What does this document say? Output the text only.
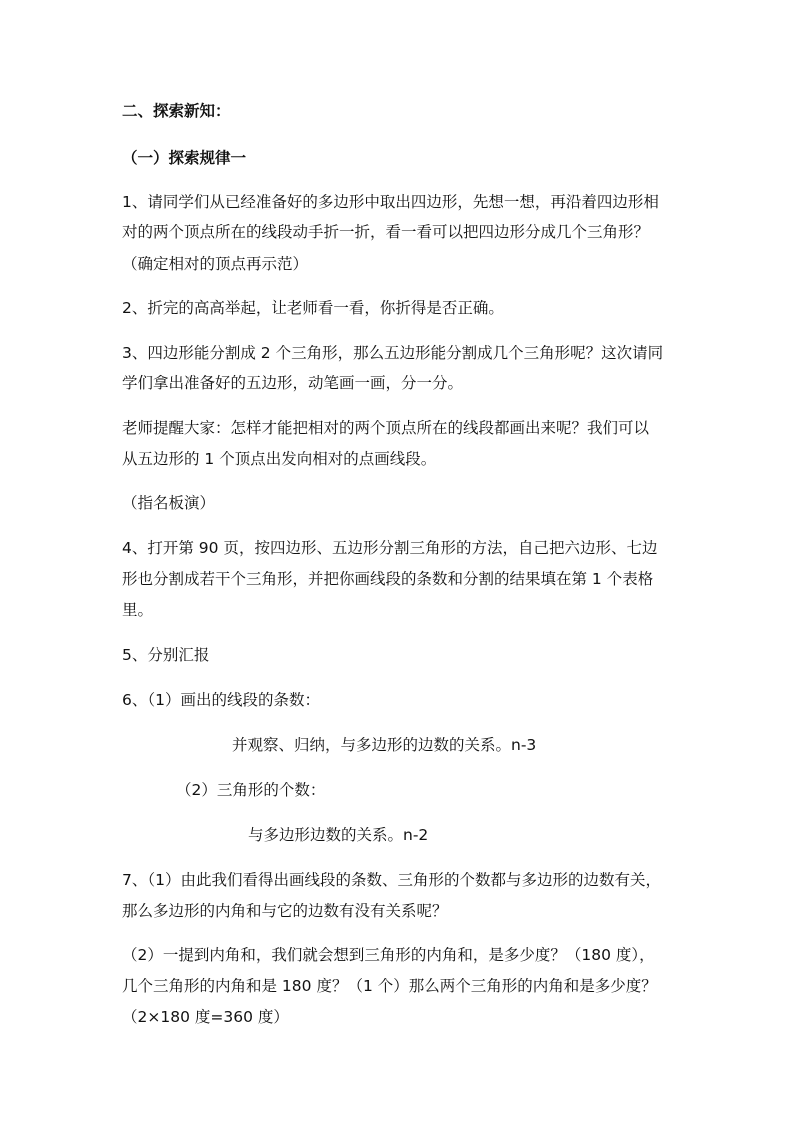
二、探索新知：
（一）探索规律一
1、请同学们从已经准备好的多边形中取出四边形，先想一想，再沿着四边形相
对的两个顶点所在的线段动手折一折，看一看可以把四边形分成几个三角形？
（确定相对的顶点再示范）
2、折完的高高举起，让老师看一看，你折得是否正确。
3、四边形能分割成 2 个三角形，那么五边形能分割成几个三角形呢？这次请同
学们拿出准备好的五边形，动笔画一画，分一分。
老师提醒大家：怎样才能把相对的两个顶点所在的线段都画出来呢？我们可以
从五边形的 1 个顶点出发向相对的点画线段。
（指名板演）
4、打开第 90 页，按四边形、五边形分割三角形的方法，自己把六边形、七边
形也分割成若干个三角形，并把你画线段的条数和分割的结果填在第 1 个表格
里。
5、分别汇报
6、（1）画出的线段的条数：
并观察、归纳，与多边形的边数的关系。n-3
（2）三角形的个数：
与多边形边数的关系。n-2
7、（1）由此我们看得出画线段的条数、三角形的个数都与多边形的边数有关，
那么多边形的内角和与它的边数有没有关系呢？
（2）一提到内角和，我们就会想到三角形的内角和，是多少度？（180 度），
几个三角形的内角和是 180 度？（1 个）那么两个三角形的内角和是多少度？
（2×180 度=360 度）
